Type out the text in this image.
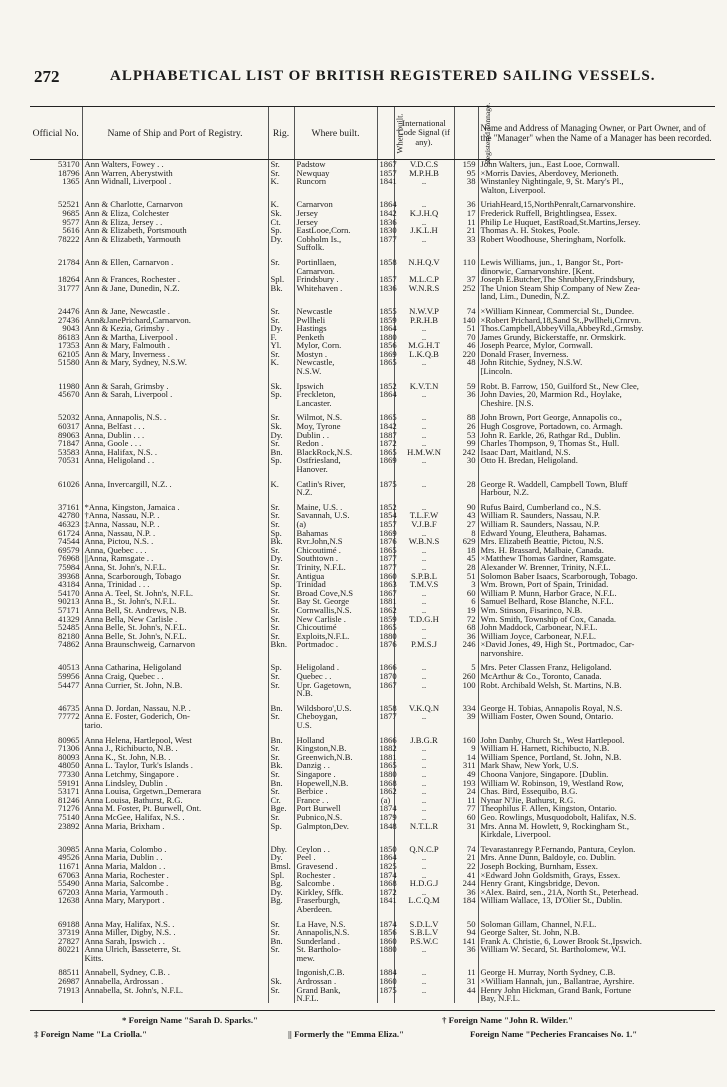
272	ALPHABETICAL LIST OF BRITISH REGISTERED SAILING VESSELS.
Official No.	Name of Ship and Port of Registry.	Rig.	Where built.	When built.	International Code Signal (if any).	Registered Tonnage.	Name and Address of Managing Owner, or Part Owner, and of the "Manager" when the Name of a Manager has been recorded.
53170	Ann Walters, Fowey . .	Sr.	Padstow	1867	V.D.C.S	159	John Walters, jun., East Looe, Cornwall.
18796	Ann Warren, Aberystwith	Sr.	Newquay	1857	M.P.H.B	95	×Morris Davies, Aberdovey, Merioneth.
1365	Ann Widnall, Liverpool .	K.	Runcorn	1841	..	38	Winstanley Nightingale, 9, St. Mary's Pl.,
							Walton, Liverpool.

52521	Ann & Charlotte, Carnarvon	K.	Carnarvon	1864	..	36	UriahHeard,15,NorthPenralt,Carnarvonshire.
9685	Ann & Eliza, Colchester	Sk.	Jersey	1842	K.J.H.Q	17	Frederick Ruffell, Brightlingsea, Essex.
9577	Ann & Eliza, Jersey . .	Ct.	Jersey	1836	..	11	Philip Le Huquet, EastRoad,St.Martins,Jersey.
5616	Ann & Elizabeth, Portsmouth	Sp.	EastLooe,Corn.	1830	J.K.L.H	21	Thomas A. H. Stokes, Poole.
78222	Ann & Elizabeth, Yarmouth	Dy.	Cobholm Is.,	1877	..	33	Robert Woodhouse, Sheringham, Norfolk.
			Suffolk.				

21784	Ann & Ellen, Carnarvon .	Sr.	Portinllaen,	1858	N.H.Q.V	110	Lewis Williams, jun., 1, Bangor St., Port-
			Carnarvon.				dinorwic, Carnarvonshire. [Kent.
18264	Ann & Frances, Rochester .	Spl.	Frindsbury .	1857	M.L.C.P	37	Joseph E.Butcher,The Shrubbery,Frindsbury,
31777	Ann & Jane, Dunedin, N.Z.	Bk.	Whitehaven .	1836	W.N.R.S	252	The Union Steam Ship Company of New Zea-
							land, Lim., Dunedin, N.Z.

24476	Ann & Jane, Newcastle .	Sr.	Newcastle	1855	N.W.V.P	74	×William Kinnear, Commercial St., Dundee.
27436	Ann&JanePrichard,Carnarvon.	Sr.	Pwllheli	1859	P.R.H.B	140	×Robert Prichard,18,Sand St.,Pwllheli,Crnrvn.
9043	Ann & Kezia, Grimsby .	Dy.	Hastings	1864	..	51	Thos.Campbell,AbbeyVilla,AbbeyRd.,Grmsby.
86183	Ann & Martha, Liverpool .	F.	Penketh	1880	..	70	James Grundy, Bickerstaffe, nr. Ormskirk.
17353	Ann & Mary, Falmouth .	Yl.	Mylor, Corn.	1856	M.G.H.T	46	Joseph Pearce, Mylor, Cornwall.
62105	Ann & Mary, Inverness .	Sr.	Mostyn .	1869	L.K.Q.B	220	Donald Fraser, Inverness.
51580	Ann & Mary, Sydney, N.S.W.	K.	Newcastle,	1865	..	48	John Ritchie, Sydney, N.S.W.
			N.S.W.				[Lincoln.

11980	Ann & Sarah, Grimsby .	Sk.	Ipswich	1852	K.V.T.N	59	Robt. B. Farrow, 150, Guilford St., New Clee,
45670	Ann & Sarah, Liverpool .	Sp.	Freckleton,	1864	..	36	John Davies, 20, Marmion Rd., Hoylake,
			Lancaster.				Cheshire. [N.S.

52032	Anna, Annapolis, N.S. .	Sr.	Wilmot, N.S.	1865	..	88	John Brown, Port George, Annapolis co.,
60317	Anna, Belfast . . .	Sk.	Moy, Tyrone	1842	..	26	Hugh Cosgrove, Portadown, co. Armagh.
89063	Anna, Dublin . . .	Dy.	Dublin . .	1887	..	53	John R. Earkle, 26, Rathgar Rd., Dublin.
71847	Anna, Goole . . .	Sr.	Redon .	1872	..	99	Charles Thompson, 9, Thomas St., Hull.
53583	Anna, Halifax, N.S. .	Bn.	BlackRock,N.S.	1865	H.M.W.N	242	Isaac Dart, Maitland, N.S.
70531	Anna, Heligoland . .	Sp.	Ostfriesland,	1869	..	30	Otto H. Bredan, Heligoland.
			Hanover.				

61026	Anna, Invercargill, N.Z. .	K.	Catlin's River,	1875	..	28	George R. Waddell, Campbell Town, Bluff
			N.Z.				Harbour, N.Z.

37161	*Anna, Kingston, Jamaica .	Sr.	Maine, U.S. .	1852	..	90	Rufus Baird, Cumberland co., N.S.
42780	†Anna, Nassau, N.P. .	Sr.	Savannah, U.S.	1854	T.L.F.W	43	William R. Saunders, Nassau, N.P.
46323	‡Anna, Nassau, N.P. .	Sr.	(a)	1857	V.J.B.F	27	William R. Saunders, Nassau, N.P.
61724	Anna, Nassau, N.P. .	Sp.	Bahamas	1869	..	8	Edward Young, Eleuthera, Bahamas.
74544	Anna, Pictou, N.S. .	Bk.	Rvr.John,N.S	1876	W.B.N.S	629	Mrs. Elizabeth Beattie, Pictou, N.S.
69579	Anna, Quebec . . .	Sr.	Chicoutimé .	1865	..	18	Mrs. H. Brassard, Malbaie, Canada.
76968	||Anna, Ramsgate . .	Dy.	Southtown .	1877	..	45	×Matthew Thomas Gardner, Ramsgate.
75984	Anna, St. John's, N.F.L.	Sr.	Trinity, N.F.L.	1877	..	28	Alexander W. Brenner, Trinity, N.F.L.
39368	Anna, Scarborough, Tobago	Sr.	Antigua	1860	S.P.B.L	51	Solomon Baber Isaacs, Scarborough, Tobago.
43184	Anna, Trinidad . . .	Sp.	Trinidad	1863	T.M.V.S	3	Wm. Brown, Port of Spain, Trinidad.
54170	Anna A. Teel, St. John's, N.F.L.	Sr.	Broad Cove,N.S	1867	..	60	William P. Munn, Harbor Grace, N.F.L.
90213	Anna B., St. John's, N.F.L.	Sr.	Bay St. George	1881	..	6	Samuel Belhard, Rose Blanche, N.F.L.
57171	Anna Bell, St. Andrews, N.B.	Sr.	Cornwallis,N.S.	1862	..	19	Wm. Stinson, Fisarinco, N.B.
41329	Anna Bella, New Carlisle .	Sr.	New Carlisle .	1859	T.D.G.H	72	Wm. Smith, Township of Cox, Canada.
52485	Anna Belle, St. John's, N.F.L.	Sr.	Chicoutimé	1865	..	68	John Maddock, Carbonear, N.F.L.
82180	Anna Belle, St. John's, N.F.L.	Sr.	Exploits,N.F.L.	1880	..	36	William Joyce, Carbonear, N.F.L.
74862	Anna Braunschweig, Carnarvon	Bkn.	Portmadoc .	1876	P.M.S.J	246	×David Jones, 49, High St., Portmadoc, Car-
							narvonshire.

40513	Anna Catharina, Heligoland	Sp.	Heligoland .	1866	..	5	Mrs. Peter Classen Franz, Heligoland.
59956	Anna Craig, Quebec . .	Sr.	Quebec . .	1870	..	260	McArthur & Co., Toronto, Canada.
54477	Anna Currier, St. John, N.B.	Sr.	Upr. Gagetown,	1867	..	100	Robt. Archibald Welsh, St. Martins, N.B.
			N.B.				

46735	Anna D. Jordan, Nassau, N.P. .	Bn.	Wildsboro',U.S.	1858	V.K.Q.N	334	George H. Tobias, Annapolis Royal, N.S.
77772	Anna E. Foster, Goderich, On-	Sr.	Cheboygan,	1877	..	39	William Foster, Owen Sound, Ontario.
	tario.		U.S.				

80965	Anna Helena, Hartlepool, West	Bn.	Holland	1866	J.B.G.R	160	John Danby, Church St., West Hartlepool.
71306	Anna J., Richibucto, N.B. .	Sr.	Kingston,N.B.	1882	..	9	William H. Harnett, Richibucto, N.B.
80093	Anna K., St. John, N.B. .	Sr.	Greenwich,N.B.	1881	..	14	William Spence, Portland, St. John, N.B.
48050	Anna L. Taylor, Turk's Islands .	Bk.	Danzig . .	1865	..	311	Mark Shaw, New York, U.S.
77330	Anna Letchmy, Singapore .	Sr.	Singapore .	1880	..	49	Choona Vanjore, Singapore. [Dublin.
59191	Anna Lindsley, Dublin .	Bn.	Hopewell,N.B.	1868	..	193	William W. Robinson, 19, Westland Row,
53171	Anna Louisa, Grgetwn.,Demerara	Sr.	Berbice .	1862	..	24	Chas. Bird, Essequibo, B.G.
81246	Anna Louisa, Bathurst, R.G.	Cr.	France . .	(a)	..	11	Nynar N'Jie, Bathurst, R.G.
71276	Anna M. Foster, Pt. Burwell, Ont.	Bge.	Port Burwell	1874	..	77	Theophilus F. Allen, Kingston, Ontario.
75140	Anna McGee, Halifax, N.S. .	Sr.	Pubnico,N.S.	1879	..	60	Geo. Rowlings, Musquodobolt, Halifax, N.S.
23892	Anna Maria, Brixham .	Sp.	Galmpton,Dev.	1848	N.T.L.R	31	Mrs. Anna M. Howlett, 9, Rockingham St.,
							Kirkdale, Liverpool.

30985	Anna Maria, Colombo .	Dhy.	Ceylon . .	1850	Q.N.C.P	74	Tevarastanregy P.Fernando, Pantura, Ceylon.
49526	Anna Maria, Dublin . .	Dy.	Peel .	1864	..	21	Mrs. Anne Dunn, Baldoyle, co. Dublin.
11671	Anna Maria, Maldon . .	Bmsl.	Gravesend .	1825	..	22	Joseph Bocking, Burnham, Essex.
67063	Anna Maria, Rochester .	Spl.	Rochester .	1874	..	41	×Edward John Goldsmith, Grays, Essex.
55490	Anna Maria, Salcombe .	Bg.	Salcombe .	1868	H.D.G.J	244	Henry Grant, Kingsbridge, Devon.
67203	Anna Maria, Yarmouth .	Dy.	Kirkley, Sffk.	1872	..	36	×Alex. Baird, sen., 21A, North St., Peterhead.
12638	Anna Mary, Maryport .	Bg.	Fraserburgh,	1841	L.C.Q.M	184	William Wallace, 13, D'Olier St., Dublin.
			Aberdeen.				

69188	Anna May, Halifax, N.S. .	Sr.	La Have, N.S.	1874	S.D.L.V	50	Soloman Gillam, Channel, N.F.L.
37319	Anna Miller, Digby, N.S. .	Sr.	Annapolis,N.S.	1856	S.B.L.V	94	George Salter, St. John, N.B.
27827	Anna Sarah, Ipswich . .	Bn.	Sunderland .	1860	P.S.W.C	141	Frank A. Christie, 6, Lower Brook St.,Ipswich.
80221	Anna Ulrich, Basseterre, St.	Sr.	St. Bartholo-	1880	..	36	William W. Secard, St. Bartholomew, W.I.
	Kitts.		mew.				

88511	Annabell, Sydney, C.B. .		Ingonish,C.B.	1884	..	11	George H. Murray, North Sydney, C.B.
26987	Annabella, Ardrossan .	Sk.	Ardrossan .	1860	..	31	×William Hannah, jun., Ballantrae, Ayrshire.
71913	Annabella, St. John's, N.F.L.	Sr.	Grand Bank,	1875	..	44	Henry John Hickman, Grand Bank, Fortune
			N.F.L.				Bay, N.F.L.
* Foreign Name "Sarah D. Sparks."	† Foreign Name "John R. Wilder."
‡ Foreign Name "La Criolla."	|| Formerly the "Emma Eliza."	Foreign Name "Pecheries Francaises No. 1."
